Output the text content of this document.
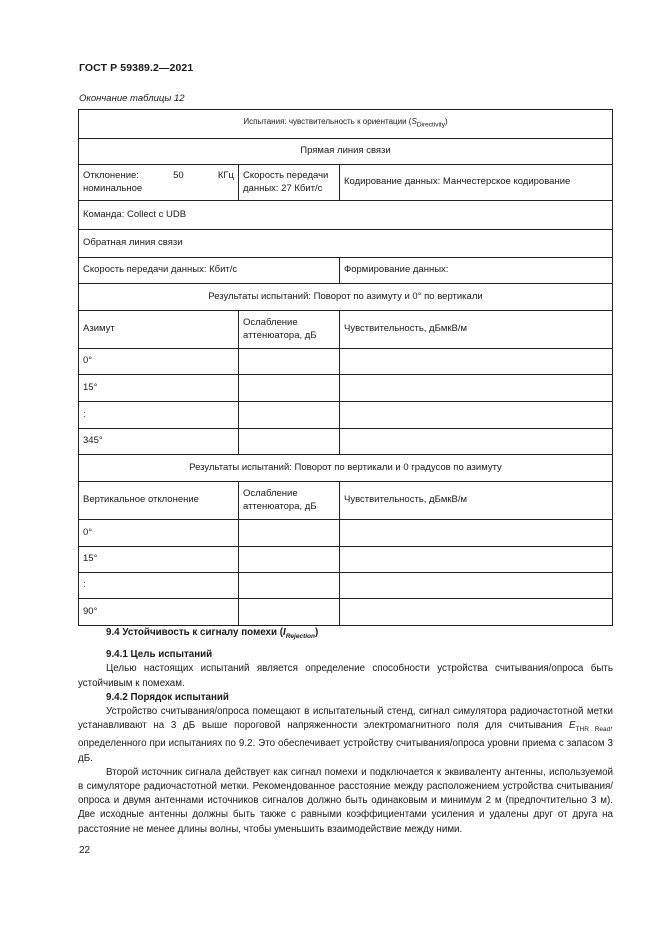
ГОСТ Р 59389.2—2021
Окончание таблицы 12
Испытания: чувствительность к ориентации $(S_{Directivity})$		
Прямая линия связи		

Отклонение: 50 КГц
номинальное	Скорость передачи данных: 27 Кбит/с	Кодирование данных: Манчестерское кодирование
Команда: Collect с UDB		
Обратная линия связи		
Скорость передачи данных: Кбит/с		Формирование данных:
Результаты испытаний: Поворот по азимуту и 0° по вертикали		
Азимут	Ослабление аттенюатора, дБ	Чувствительность, дБмкВ/м
0°		
15°		
:		
345°		
Результаты испытаний: Поворот по вертикали и 0 градусов по азимуту		
Вертикальное отклонение	Ослабление аттенюатора, дБ	Чувствительность, дБмкВ/м
0°		
15°		
:		
90°		
9.4 Устойчивость к сигналу помехи $(I_{Rejection})$
9.4.1 Цель испытаний

Целью настоящих испытаний является определение способности устройства считывания/опроса быть устойчивым к помехам.

9.4.2 Порядок испытаний

Устройство считывания/опроса помещают в испытательный стенд, сигнал симулятора радиочастотной метки устанавливают на 3 дБ выше пороговой напряженности электромагнитного поля для считывания $E_{THR Read}$, определенного при испытаниях по 9.2. Это обеспечивает устройству считывания/опроса уровни приема с запасом 3 дБ.

Второй источник сигнала действует как сигнал помехи и подключается к эквиваленту антенны, используемой в симуляторе радиочастотной метки. Рекомендованное расстояние между расположением устройства считывания/опроса и двумя антеннами источников сигналов должно быть одинаковым и минимум 2 м (предпочтительно 3 м). Две исходные антенны должны быть также с равными коэффициентами усиления и удалены друг от друга на расстояние не менее длины волны, чтобы уменьшить взаимодействие между ними.

22
